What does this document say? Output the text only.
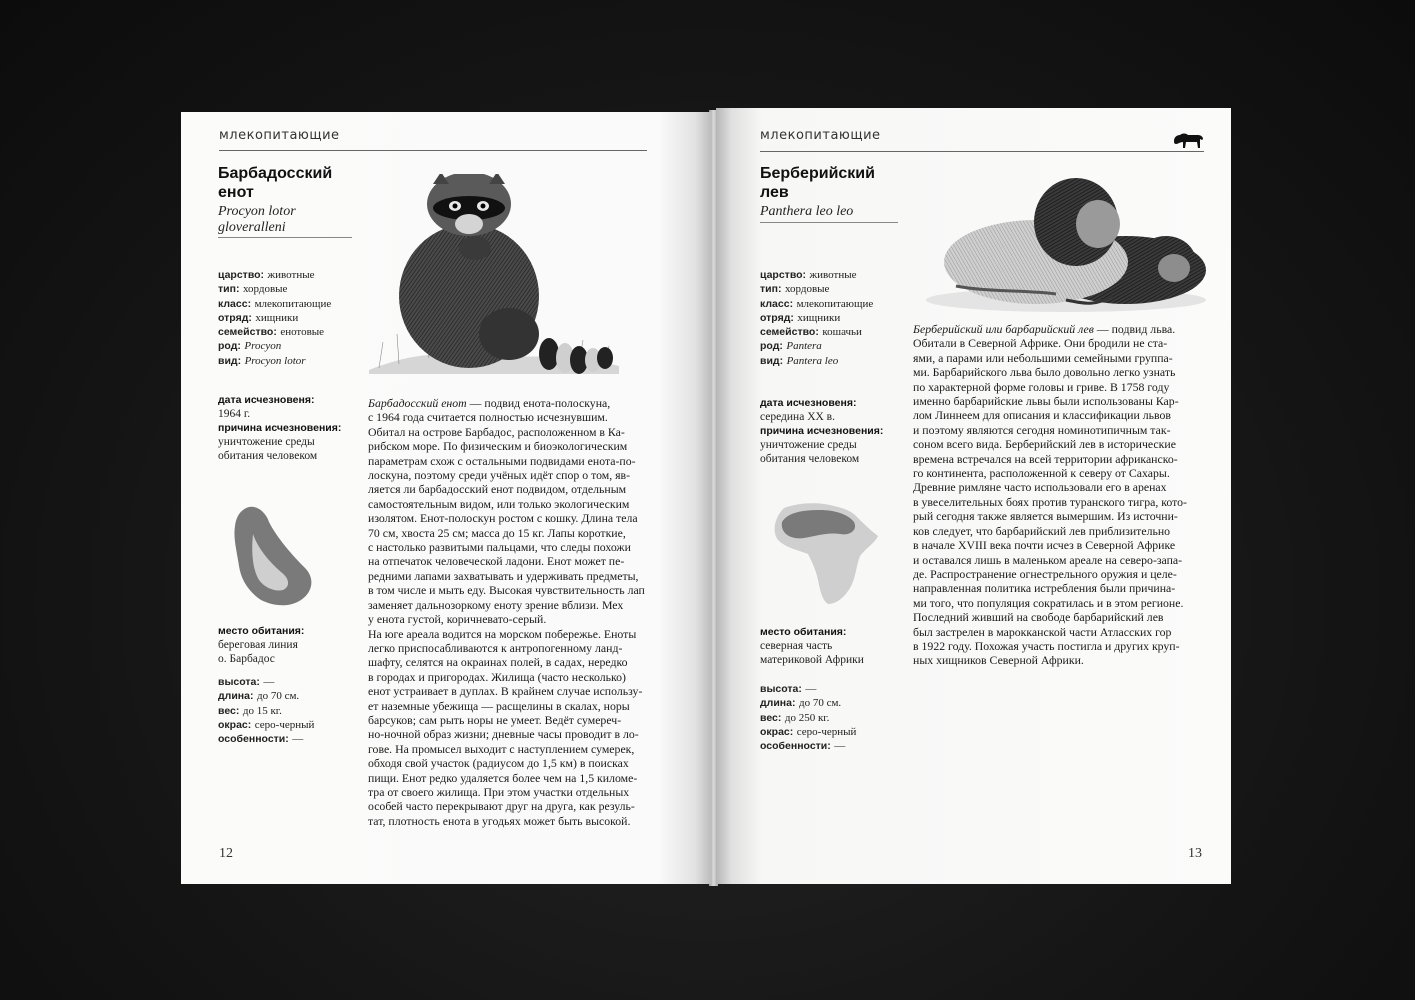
млекопитающие
Барбадосский
енот
Procyon lotor
gloveralleni
царство: животные
тип: хордовые
класс: млекопитающие
отряд: хищники
семейство: енотовые
род: Procyon
вид: Procyon lotor
дата исчезновеня:
1964 г.
причина исчезновения:
уничтожение среды
обитания человеком
место обитания:
береговая линия
о. Барбадос
высота: —
длина: до 70 см.
вес: до 15 кг.
окрас: серо-черный
особенности: —
Барбадосский енот — подвид енота-полоскуна,
с 1964 года считается полностью исчезнувшим.
Обитал на острове Барбадос, расположенном в Ка-
рибском море. По физическим и биоэкологическим
параметрам схож с остальными подвидами енота-по-
лоскуна, поэтому среди учёных идёт спор о том, яв-
ляется ли барбадосский енот подвидом, отдельным
самостоятельным видом, или только экологическим
изолятом. Енот-полоскун ростом с кошку. Длина тела
70 см, хвоста 25 см; масса до 15 кг. Лапы короткие,
с настолько развитыми пальцами, что следы похожи
на отпечаток человеческой ладони. Енот может пе-
редними лапами захватывать и удерживать предметы,
в том числе и мыть еду. Высокая чувствительность лап
заменяет дальнозоркому еноту зрение вблизи. Мех
у енота густой, коричневато-серый.
На юге ареала водится на морском побережье. Еноты
легко приспосабливаются к антропогенному ланд-
шафту, селятся на окраинах полей, в садах, нередко
в городах и пригородах. Жилища (часто несколько)
енот устраивает в дуплах. В крайнем случае использу-
ет наземные убежища — расщелины в скалах, норы
барсуков; сам рыть норы не умеет. Ведёт сумереч-
но-ночной образ жизни; дневные часы проводит в ло-
гове. На промысел выходит с наступлением сумерек,
обходя свой участок (радиусом до 1,5 км) в поисках
пищи. Енот редко удаляется более чем на 1,5 киломе-
тра от своего жилища. При этом участки отдельных
особей часто перекрывают друг на друга, как резуль-
тат, плотность енота в угодьях может быть высокой.
12
млекопитающие
Берберийский
лев
Panthera leo leo
царство: животные
тип: хордовые
класс: млекопитающие
отряд: хищники
семейство: кошачьи
род: Pantera
вид: Pantera leo
дата исчезновеня:
середина XX в.
причина исчезновения:
уничтожение среды
обитания человеком
место обитания:
северная часть
материковой Африки
высота: —
длина: до 70 см.
вес: до 250 кг.
окрас: серо-черный
особенности: —
Берберийский или барбарийский лев — подвид льва.
Обитали в Северной Африке. Они бродили не ста-
ями, а парами или небольшими семейными группа-
ми. Барбарийского льва было довольно легко узнать
по характерной форме головы и гриве. В 1758 году
именно барбарийские львы были использованы Кар-
лом Линнеем для описания и классификации львов
и поэтому являются сегодня номинотипичным так-
соном всего вида. Берберийский лев в исторические
времена встречался на всей территории африканско-
го континента, расположенной к северу от Сахары.
Древние римляне часто использовали его в аренах
в увеселительных боях против туранского тигра, кото-
рый сегодня также является вымершим. Из источни-
ков следует, что барбарийский лев приблизительно
в начале XVIII века почти исчез в Северной Африке
и оставался лишь в маленьком ареале на северо-запа-
де. Распространение огнестрельного оружия и целе-
направленная политика истребления были причина-
ми того, что популяция сократилась и в этом регионе.
Последний живший на свободе барбарийский лев
был застрелен в марокканской части Атласских гор
в 1922 году. Похожая участь постигла и других круп-
ных хищников Северной Африки.
13
